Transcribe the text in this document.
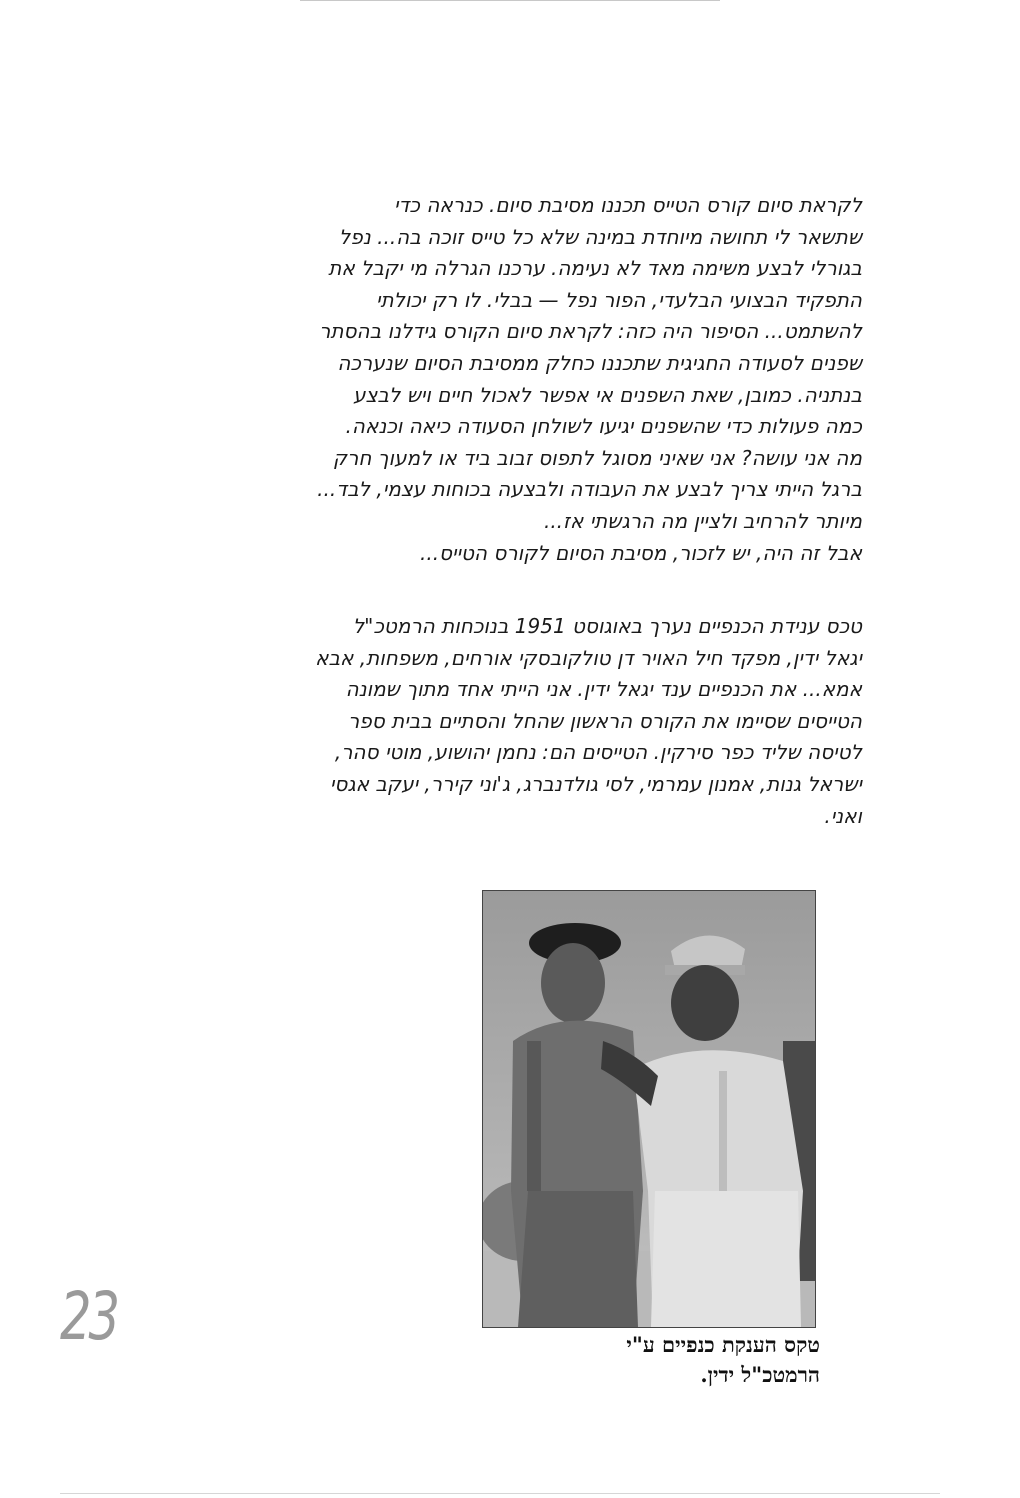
לקראת סיום קורס הטייס תכננו מסיבת סיום. כנראה כדי
שתשאר לי תחושה מיוחדת במינה שלא כל טייס זוכה בה... נפל
בגורלי לבצע משימה מאד לא נעימה. ערכנו הגרלה מי יקבל את
התפקיד הבצועי הבלעדי, הפור נפל — בבלי. לו רק יכולתי
להשתמט... הסיפור היה כזה: לקראת סיום הקורס גידלנו בהסתר
שפנים לסעודה החגיגית שתכננו כחלק ממסיבת הסיום שנערכה
בנתניה. כמובן, שאת השפנים אי אפשר לאכול חיים ויש לבצע
כמה פעולות כדי שהשפנים יגיעו לשולחן הסעודה כיאה וכנאה.
מה אני עושה? אני שאיני מסוגל לתפוס זבוב ביד או למעוך חרק
ברגל הייתי צריך לבצע את העבודה ולבצעה בכוחות עצמי, לבד...
מיותר להרחיב ולציין מה הרגשתי אז...
אבל זה היה, יש לזכור, מסיבת הסיום לקורס הטייס...
טכס ענידת הכנפיים נערך באוגוסט 1951 בנוכחות הרמטכ"ל
יגאל ידין, מפקד חיל האויר דן טולקובסקי אורחים, משפחות, אבא
אמא... את הכנפיים ענד יגאל ידין. אני הייתי אחד מתוך שמונה
הטייסים שסיימו את הקורס הראשון שהחל והסתיים בבית ספר
לטיסה שליד כפר סירקין. הטייסים הם: נחמן יהושוע, מוטי סהר,
ישראל גנות, אמנון עמרמי, לסי גולדנברג, ג'וני קירר, יעקב אגסי
ואני.
טקס הענקת כנפיים ע"י
הרמטכ"ל ידין.
23
